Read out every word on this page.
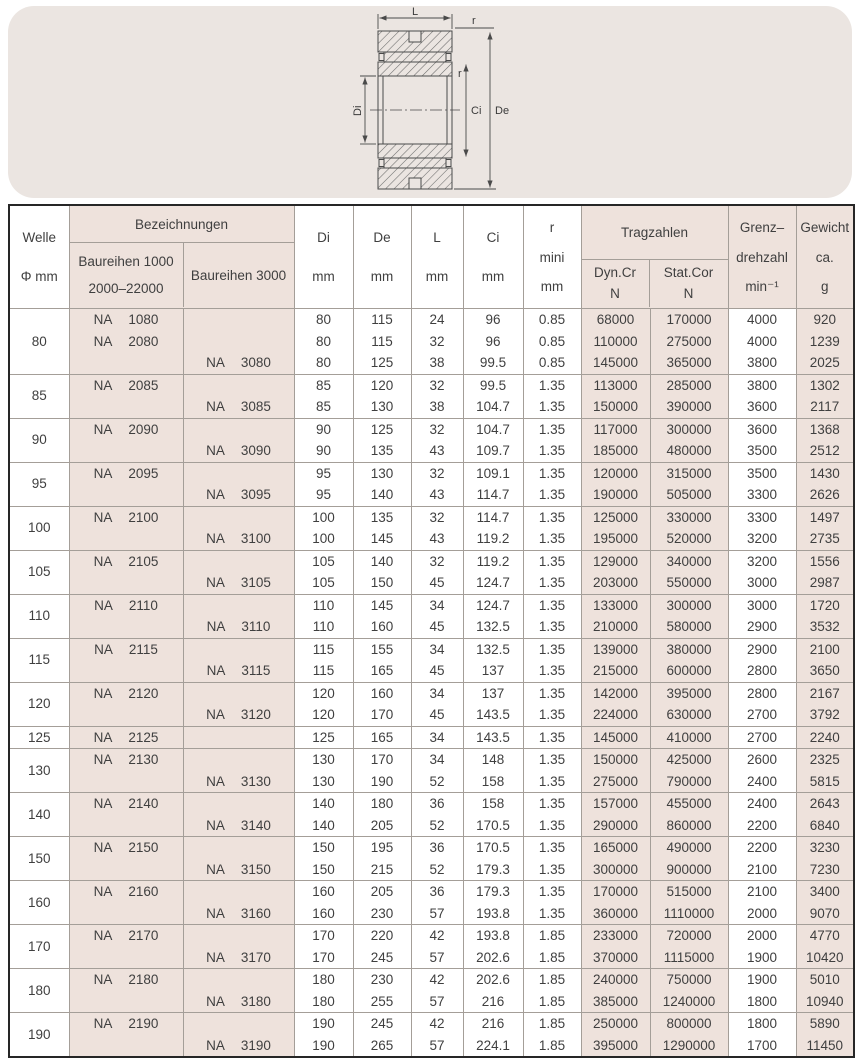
L
r
Di
r
Ci De
Welle
Φ mm

Bezeichnungen
Baureihen 1000
2000–22000
Baureihen 3000

Di
mm

De
mm

L
mm

Ci
mm

r
mini
mm

Tragzahlen
Dyn.Cr
N
Stat.Cor
N

Grenz–
drehzahl
min⁻¹

Gewicht
ca.
g

80	NA 1080		80	115	24	96	0.85	68000	170000	4000	920
	NA 2080		80	115	32	96	0.85	110000	275000	4000	1239
		NA 3080	80	125	38	99.5	0.85	145000	365000	3800	2025
85	NA 2085		85	120	32	99.5	1.35	113000	285000	3800	1302
		NA 3085	85	130	38	104.7	1.35	150000	390000	3600	2117
90	NA 2090		90	125	32	104.7	1.35	117000	300000	3600	1368
		NA 3090	90	135	43	109.7	1.35	185000	480000	3500	2512
95	NA 2095		95	130	32	109.1	1.35	120000	315000	3500	1430
		NA 3095	95	140	43	114.7	1.35	190000	505000	3300	2626
100	NA 2100		100	135	32	114.7	1.35	125000	330000	3300	1497
		NA 3100	100	145	43	119.2	1.35	195000	520000	3200	2735
105	NA 2105		105	140	32	119.2	1.35	129000	340000	3200	1556
		NA 3105	105	150	45	124.7	1.35	203000	550000	3000	2987
110	NA 2110		110	145	34	124.7	1.35	133000	300000	3000	1720
		NA 3110	110	160	45	132.5	1.35	210000	580000	2900	3532
115	NA 2115		115	155	34	132.5	1.35	139000	380000	2900	2100
		NA 3115	115	165	45	137	1.35	215000	600000	2800	3650
120	NA 2120		120	160	34	137	1.35	142000	395000	2800	2167
		NA 3120	120	170	45	143.5	1.35	224000	630000	2700	3792
125	NA 2125		125	165	34	143.5	1.35	145000	410000	2700	2240
130	NA 2130		130	170	34	148	1.35	150000	425000	2600	2325
		NA 3130	130	190	52	158	1.35	275000	790000	2400	5815
140	NA 2140		140	180	36	158	1.35	157000	455000	2400	2643
		NA 3140	140	205	52	170.5	1.35	290000	860000	2200	6840
150	NA 2150		150	195	36	170.5	1.35	165000	490000	2200	3230
		NA 3150	150	215	52	179.3	1.35	300000	900000	2100	7230
160	NA 2160		160	205	36	179.3	1.35	170000	515000	2100	3400
		NA 3160	160	230	57	193.8	1.35	360000	1110000	2000	9070
170	NA 2170		170	220	42	193.8	1.85	233000	720000	2000	4770
		NA 3170	170	245	57	202.6	1.85	370000	1115000	1900	10420
180	NA 2180		180	230	42	202.6	1.85	240000	750000	1900	5010
		NA 3180	180	255	57	216	1.85	385000	1240000	1800	10940
190	NA 2190		190	245	42	216	1.85	250000	800000	1800	5890
		NA 3190	190	265	57	224.1	1.85	395000	1290000	1700	11450
